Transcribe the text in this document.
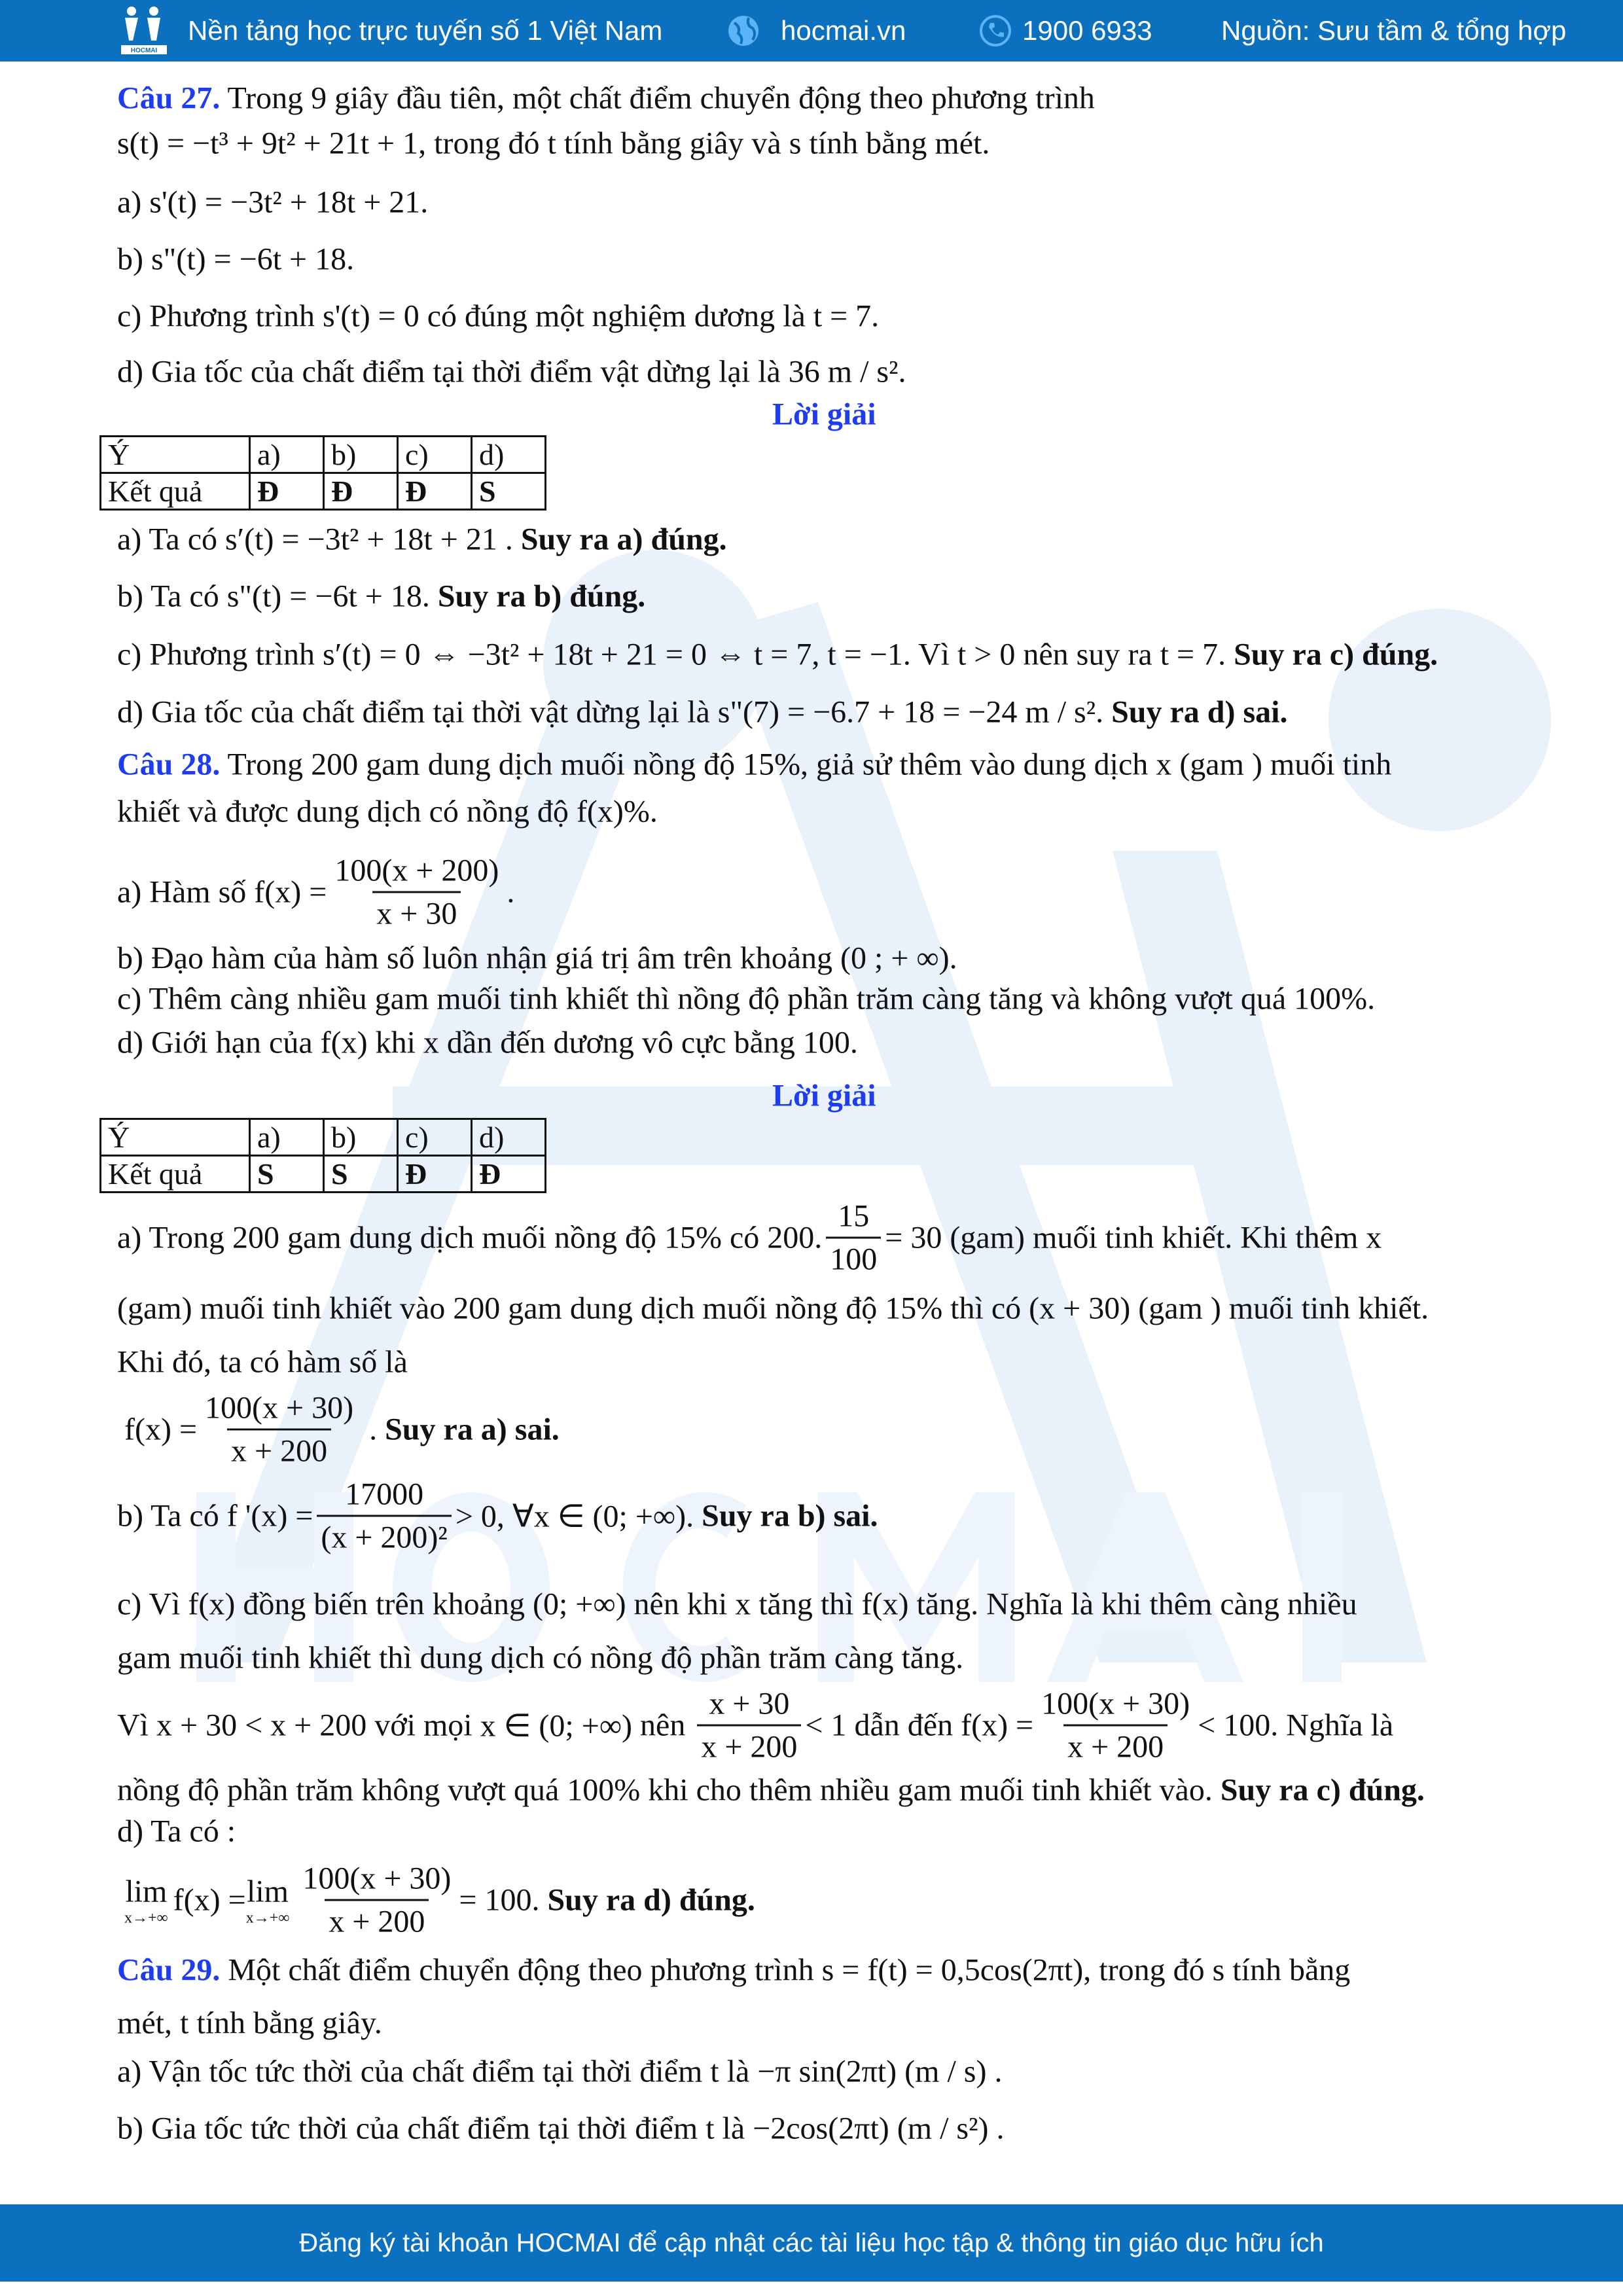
HOCMAI
Nền tảng học trực tuyến số 1 Việt Nam	hocmai.vn	1900 6933	Nguồn: Sưu tầm & tổng hợp
Câu 27. Trong 9 giây đầu tiên, một chất điểm chuyển động theo phương trình
s(t) = −t³ + 9t² + 21t + 1, trong đó t tính bằng giây và s tính bằng mét.
a) s'(t) = −3t² + 18t + 21.
b) s"(t) = −6t + 18.
c) Phương trình s'(t) = 0 có đúng một nghiệm dương là t = 7.
d) Gia tốc của chất điểm tại thời điểm vật dừng lại là 36 m / s².
Lời giải
Ý	a)	b)	c)	d)
Kết quả	Đ	Đ	Đ	S
a) Ta có s′(t) = −3t² + 18t + 21 . Suy ra a) đúng.
b) Ta có s"(t) = −6t + 18.
Suy ra b) đúng.
c) Phương trình s′(t) = 0 ⇔ −3t² + 18t + 21 = 0 ⇔ t = 7, t = −1. Vì t > 0 nên suy ra t = 7.
Suy ra c) đúng.
d) Gia tốc của chất điểm tại thời vật dừng lại là s"(7) = −6.7 + 18 = −24 m / s² . Suy ra d) sai.
Câu 28. Trong 200 gam dung dịch muối nồng độ 15%, giả sử thêm vào dung dịch x (gam ) muối tinh
khiết và được dung dịch có nồng độ f(x) %.
a) Hàm số $f(x) = \frac{100(x + 200)}{x + 30}$ .
b) Đạo hàm của hàm số luôn nhận giá trị âm trên khoảng (0 ; + ∞).
c) Thêm càng nhiều gam muối tinh khiết thì nồng độ phần trăm càng tăng và không vượt quá 100%.
d) Giới hạn của f(x) khi x dần đến dương vô cực bằng 100.
Lời giải
Ý	a)	b)	c)	d)
Kết quả	S	S	Đ	Đ
a) Trong 200 gam dung dịch muối nồng độ 15% có 200. $\frac{15}{100} = 30$ (gam) muối tinh khiết. Khi thêm x
(gam) muối tinh khiết vào 200 gam dung dịch muối nồng độ 15% thì có (x + 30) (gam ) muối tinh khiết.
Khi đó, ta có hàm số là
$f(x) = \frac{100(x + 30)}{x + 200}$ . Suy ra a) sai.
b) Ta có f '$(x) = \frac{17000}{\text{(x + 200)²}} > 0$, ∀x ∈ (0; +∞).
Suy ra b) sai.
c) Vì f(x) đồng biến trên khoảng (0; +∞) nên khi x tăng thì f(x) tăng. Nghĩa là khi thêm càng nhiều
gam muối tinh khiết thì dung dịch có nồng độ phần trăm càng tăng.
Vì x + 30 < x + 200 với mọi x ∈ (0; +∞) nên $\frac{x + 30}{x + 200} < 1$ dẫn đến $f(x) = \frac{100(x + 30)}{x + 200} < 100$. Nghĩa là
nồng độ phần trăm không vượt quá 100% khi cho thêm nhiều gam muối tinh khiết vào. Suy ra c) đúng.
d) Ta có :
lim
x→+∞
f(x) = lim
$x\to+\infty \frac{100(x + 30)}{x + 200} = 100$.
Suy ra d) đúng.
Câu 29. Một chất điểm chuyển động theo phương trình s = f(t) = 0,5cos(2πt), trong đó s tính bằng
mét, t tính bằng giây.
a) Vận tốc tức thời của chất điểm tại thời điểm t là −π sin(2πt) (m / s) .
b) Gia tốc tức thời của chất điểm tại thời điểm t là −2cos(2πt) (m / s²) .
Đăng ký tài khoản HOCMAI để cập nhật các tài liệu học tập & thông tin giáo dục hữu ích
